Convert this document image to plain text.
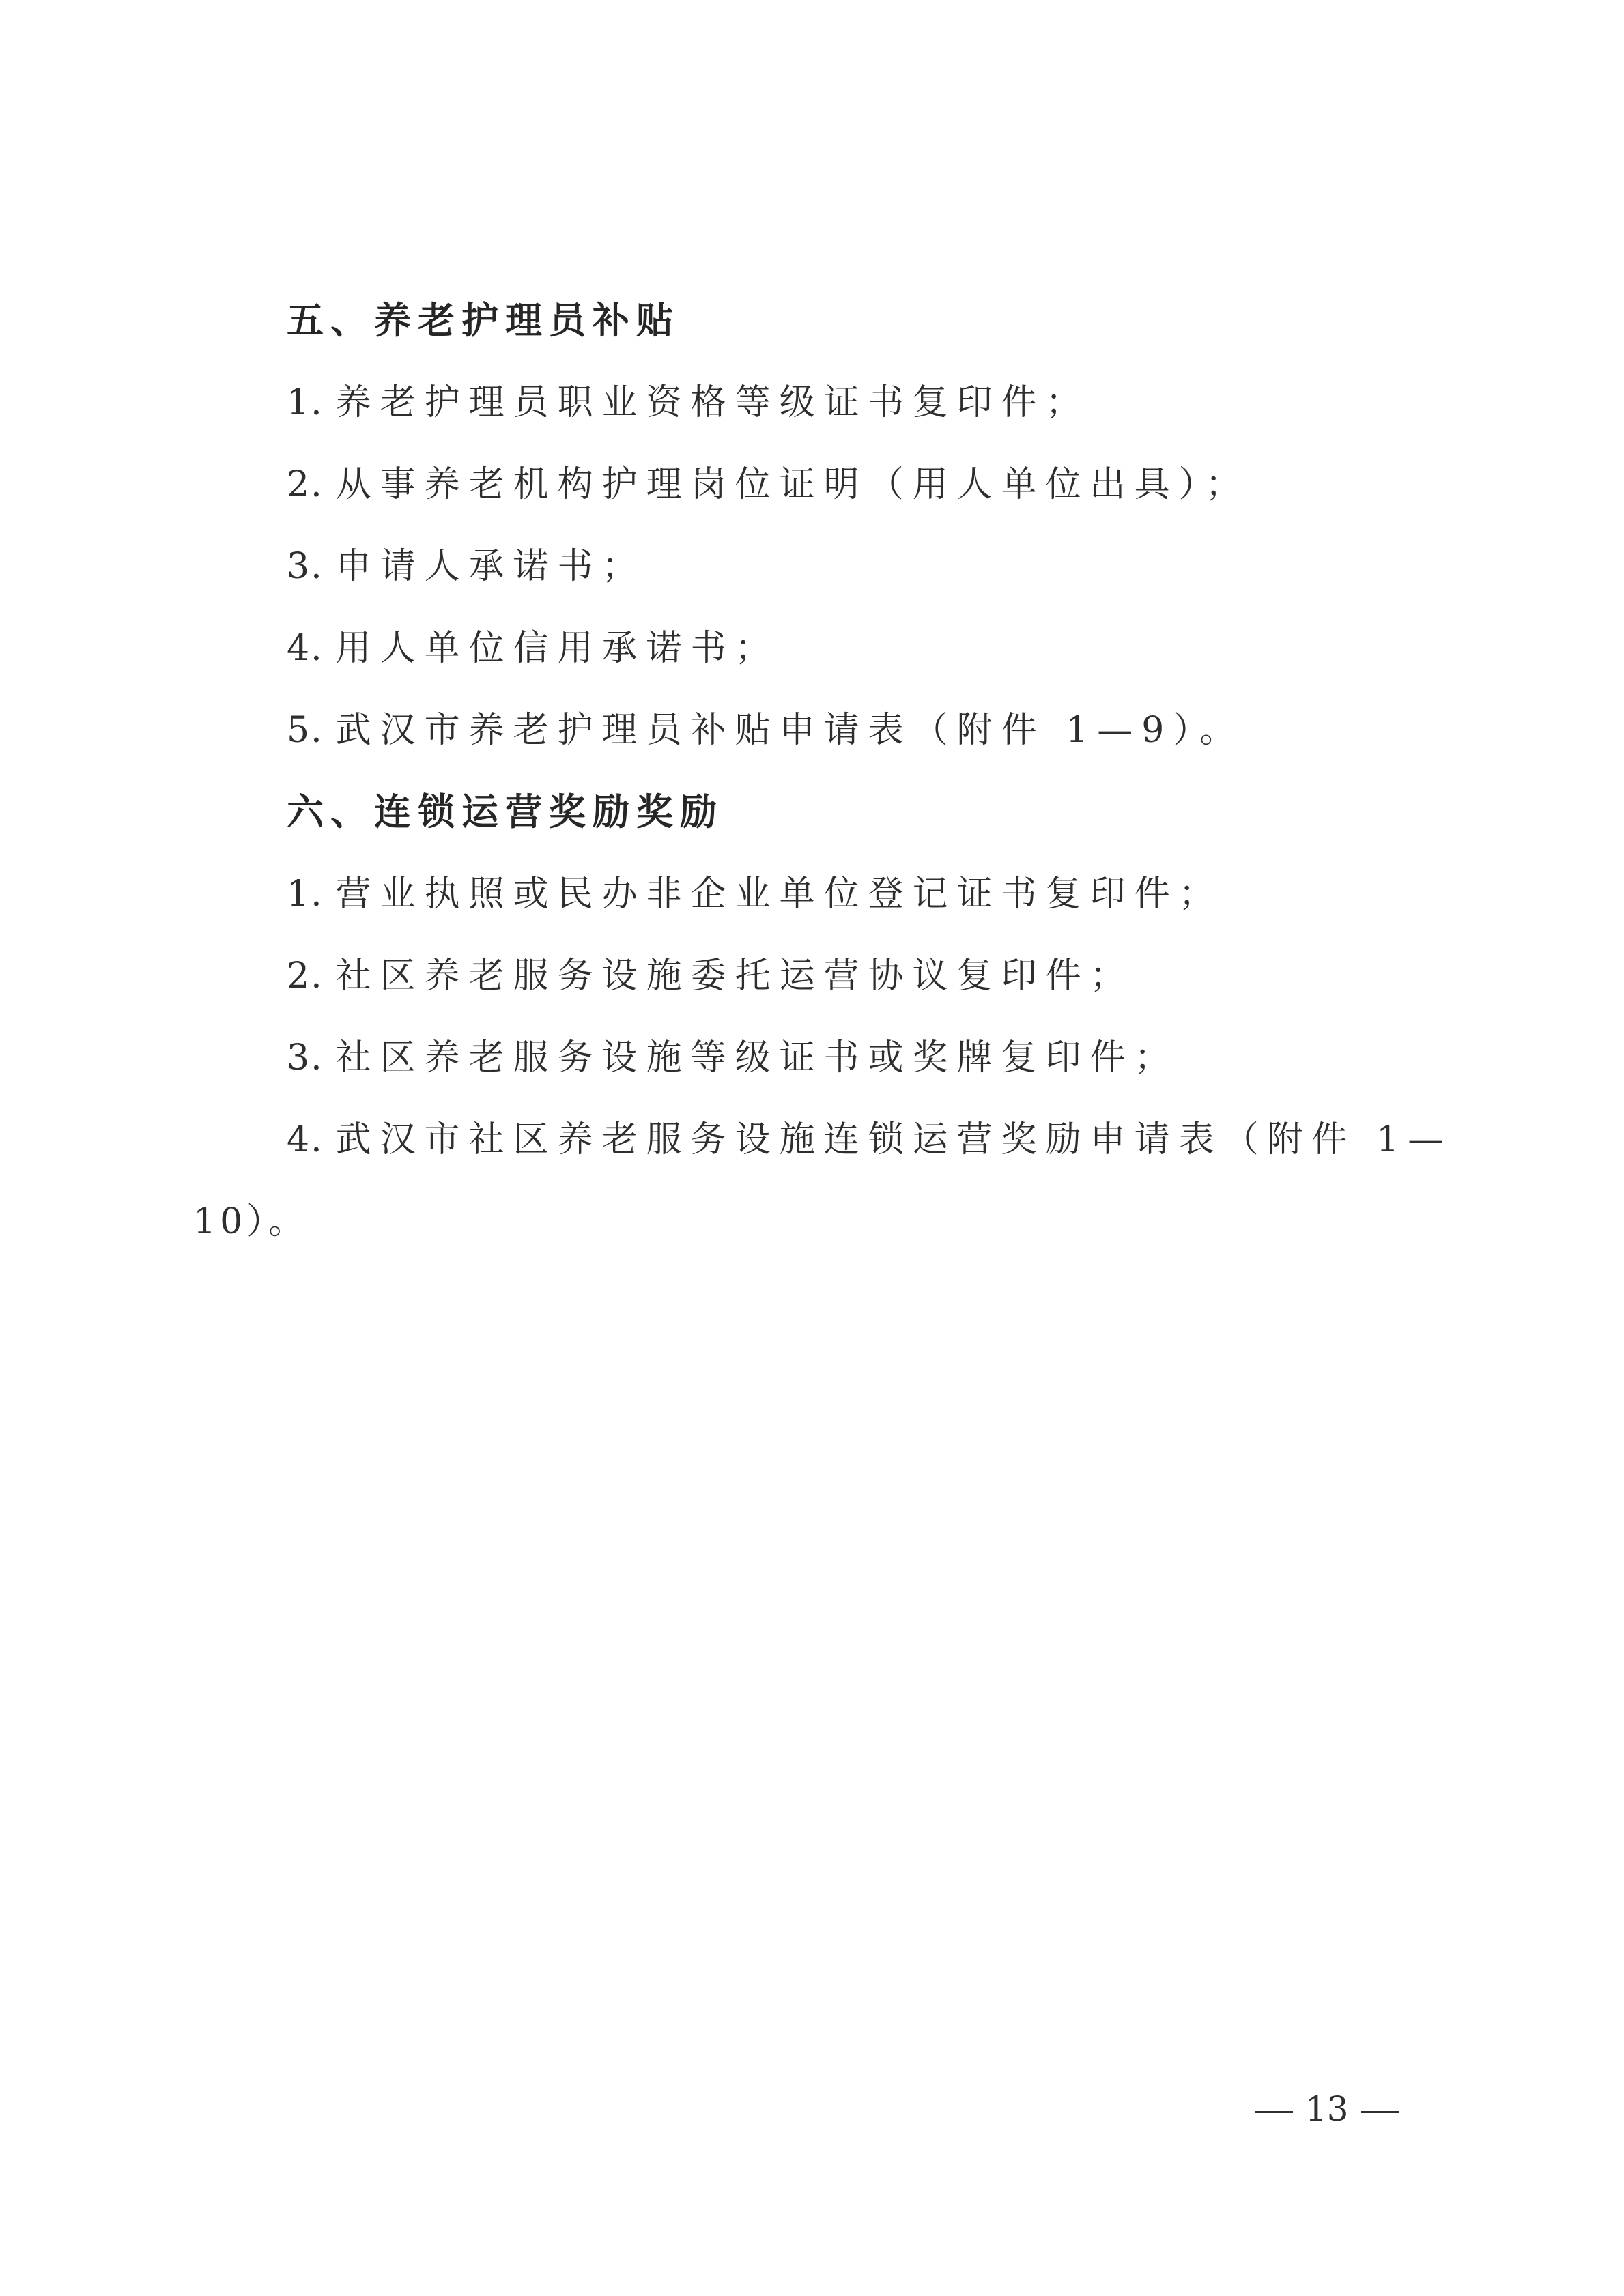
五、养老护理员补贴
1. 养老护理员职业资格等级证书复印件；
2. 从事养老机构护理岗位证明（用人单位出具）；
3. 申请人承诺书；
4. 用人单位信用承诺书；
5. 武汉市养老护理员补贴申请表（附件 1—9）。
六、连锁运营奖励奖励
1. 营业执照或民办非企业单位登记证书复印件；
2. 社区养老服务设施委托运营协议复印件；
3. 社区养老服务设施等级证书或奖牌复印件；
4. 武汉市社区养老服务设施连锁运营奖励申请表（附件 1—
10）。
13
